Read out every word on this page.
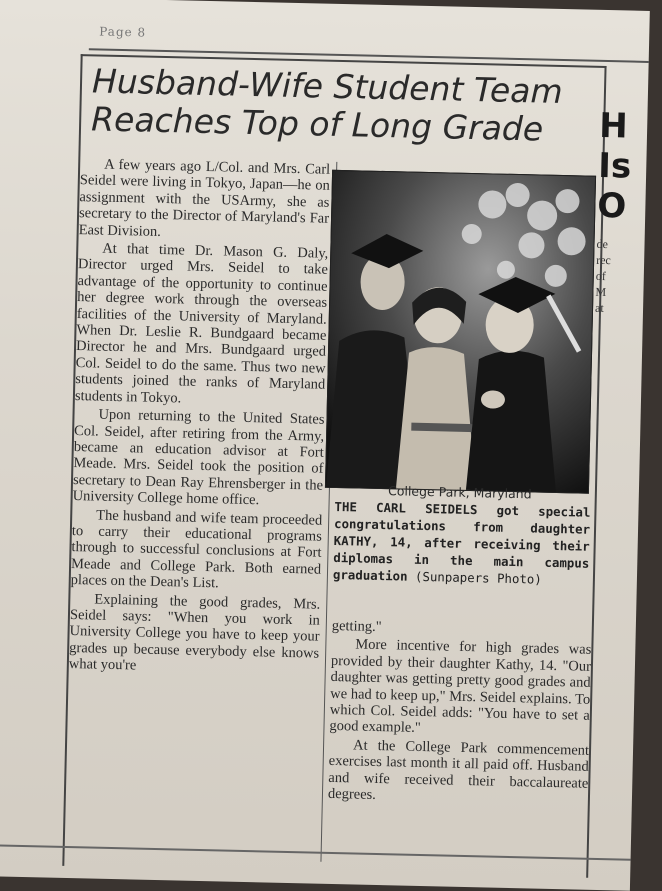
Page 8
Husband-Wife Student Team
Reaches Top of Long Grade

A few years ago L/Col. and Mrs. Carl Seidel were living in Tokyo, Japan—he on assignment with the USArmy, she as secretary to the Director of Maryland's Far East Division.

At that time Dr. Mason G. Daly, Director urged Mrs. Seidel to take advantage of the opportunity to continue her degree work through the overseas facilities of the University of Maryland. When Dr. Leslie R. Bundgaard became Director he and Mrs. Bundgaard urged Col. Seidel to do the same. Thus two new students joined the ranks of Maryland students in Tokyo.

Upon returning to the United States Col. Seidel, after retiring from the Army, became an education advisor at Fort Meade. Mrs. Seidel took the position of secretary to Dean Ray Ehrensberger in the University College home office.

The husband and wife team proceeded to carry their educational programs through to successful conclusions at Fort Meade and College Park. Both earned places on the Dean's List.

Explaining the good grades, Mrs. Seidel says: "When you work in University College you have to keep your grades up because everybody else knows what you're

College Park, Maryland
THE CARL SEIDELS got special congratulations from daughter KATHY, 14, after receiving their diplomas in the main campus graduation (Sunpapers Photo)

getting."

More incentive for high grades was provided by their daughter Kathy, 14. "Our daughter was getting pretty good grades and we had to keep up," Mrs. Seidel explains. To which Col. Seidel adds: "You have to set a good example."

At the College Park commencement exercises last month it all paid off. Husband and wife received their baccalaureate degrees.

H
Is
O
de
rec
of
M
at
